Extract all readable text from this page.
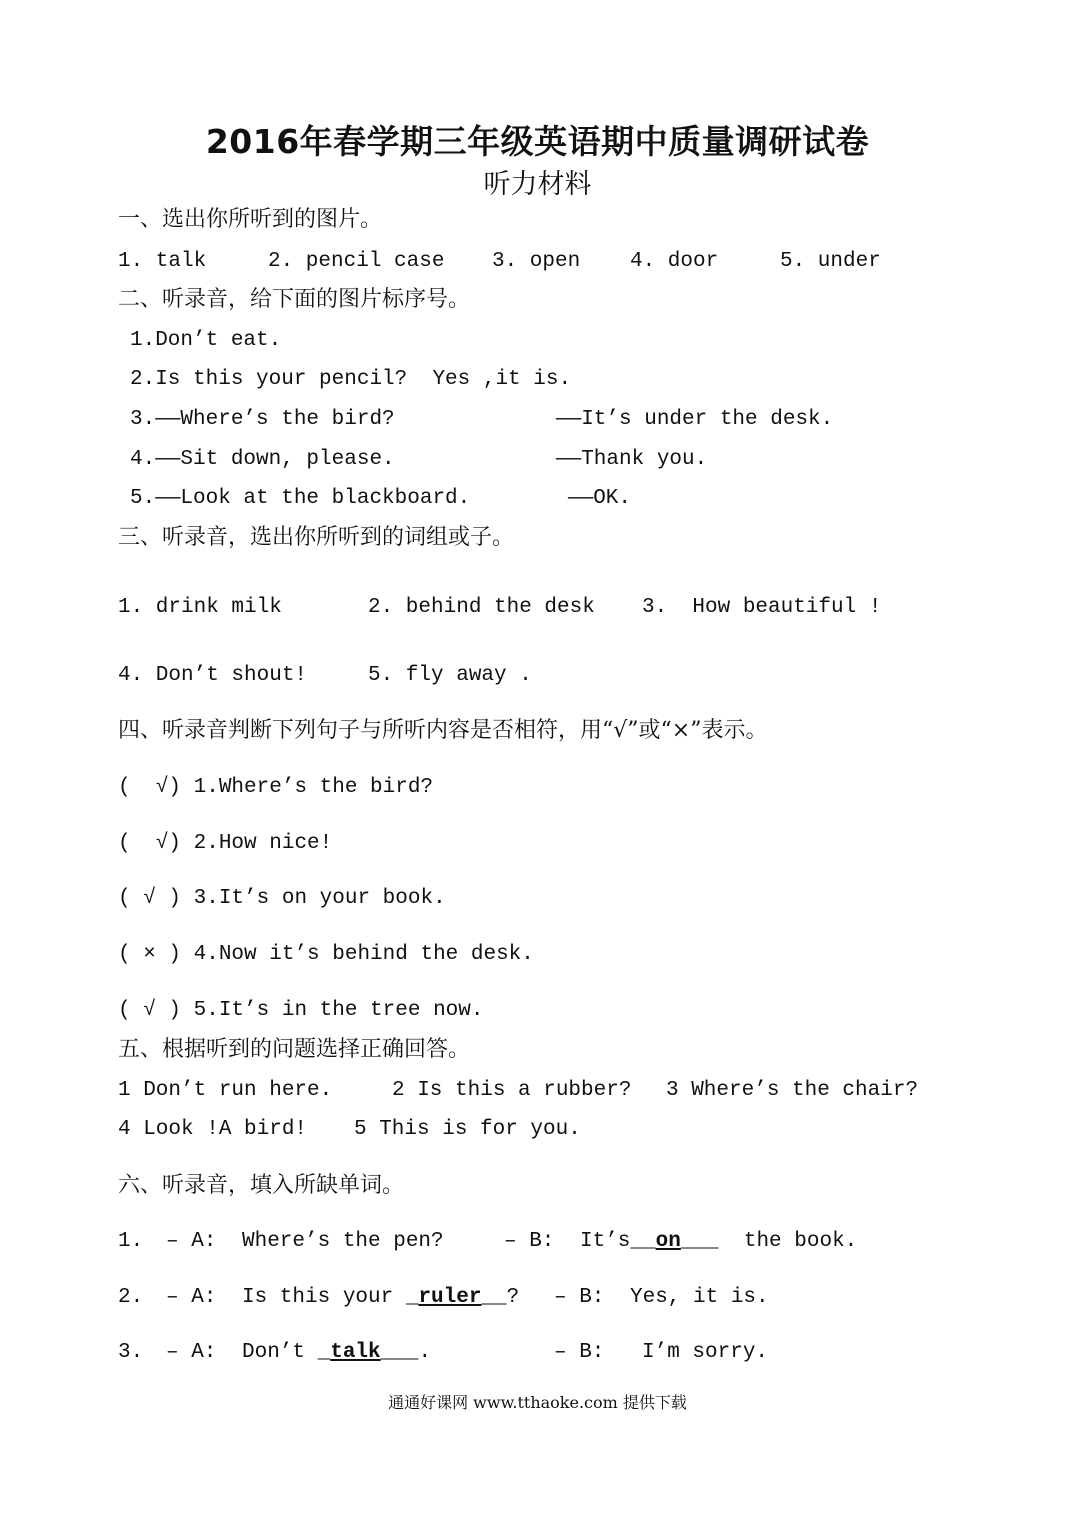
2016年春学期三年级英语期中质量调研试卷
听力材料
一、选出你所听到的图片。

1. talk

	2. pencil case

3. open

4. door

	5. under

二、听录音，给下面的图片标序号。
1.Don’t eat.
2.Is this your pencil?  Yes ,it is.

3.——Where’s the bird?

	——It’s under the desk.

4.——Sit down, please.

	——Thank you.

5.——Look at the blackboard.

	——OK.

三、听录音，选出你所听到的词组或子。

1. drink milk

	2. behind the desk

3.  How beautiful !

4. Don’t shout!

	5. fly away .

四、听录音判断下列句子与所听内容是否相符，用“√”或“×”表示。
(  √) 1.Where’s the bird?
(  √) 2.How nice!
( √ ) 3.It’s on your book.
( × ) 4.Now it’s behind the desk.
( √ ) 5.It’s in the tree now.
五、根据听到的问题选择正确回答。

1 Don’t run here.

	2 Is this a rubber?

3 Where’s the chair?

4 Look !A bird!

5 This is for you.

六、听录音，填入所缺单词。

1.

– A:

Where’s the pen?

	– B:

It’s__on___  the book.

2.

– A:

Is this your _ruler__?

– B:

Yes, it is.

3.

– A:

Don’t _talk___.

	– B:

I’m sorry.

通通好课网 www.tthaoke.com 提供下载
